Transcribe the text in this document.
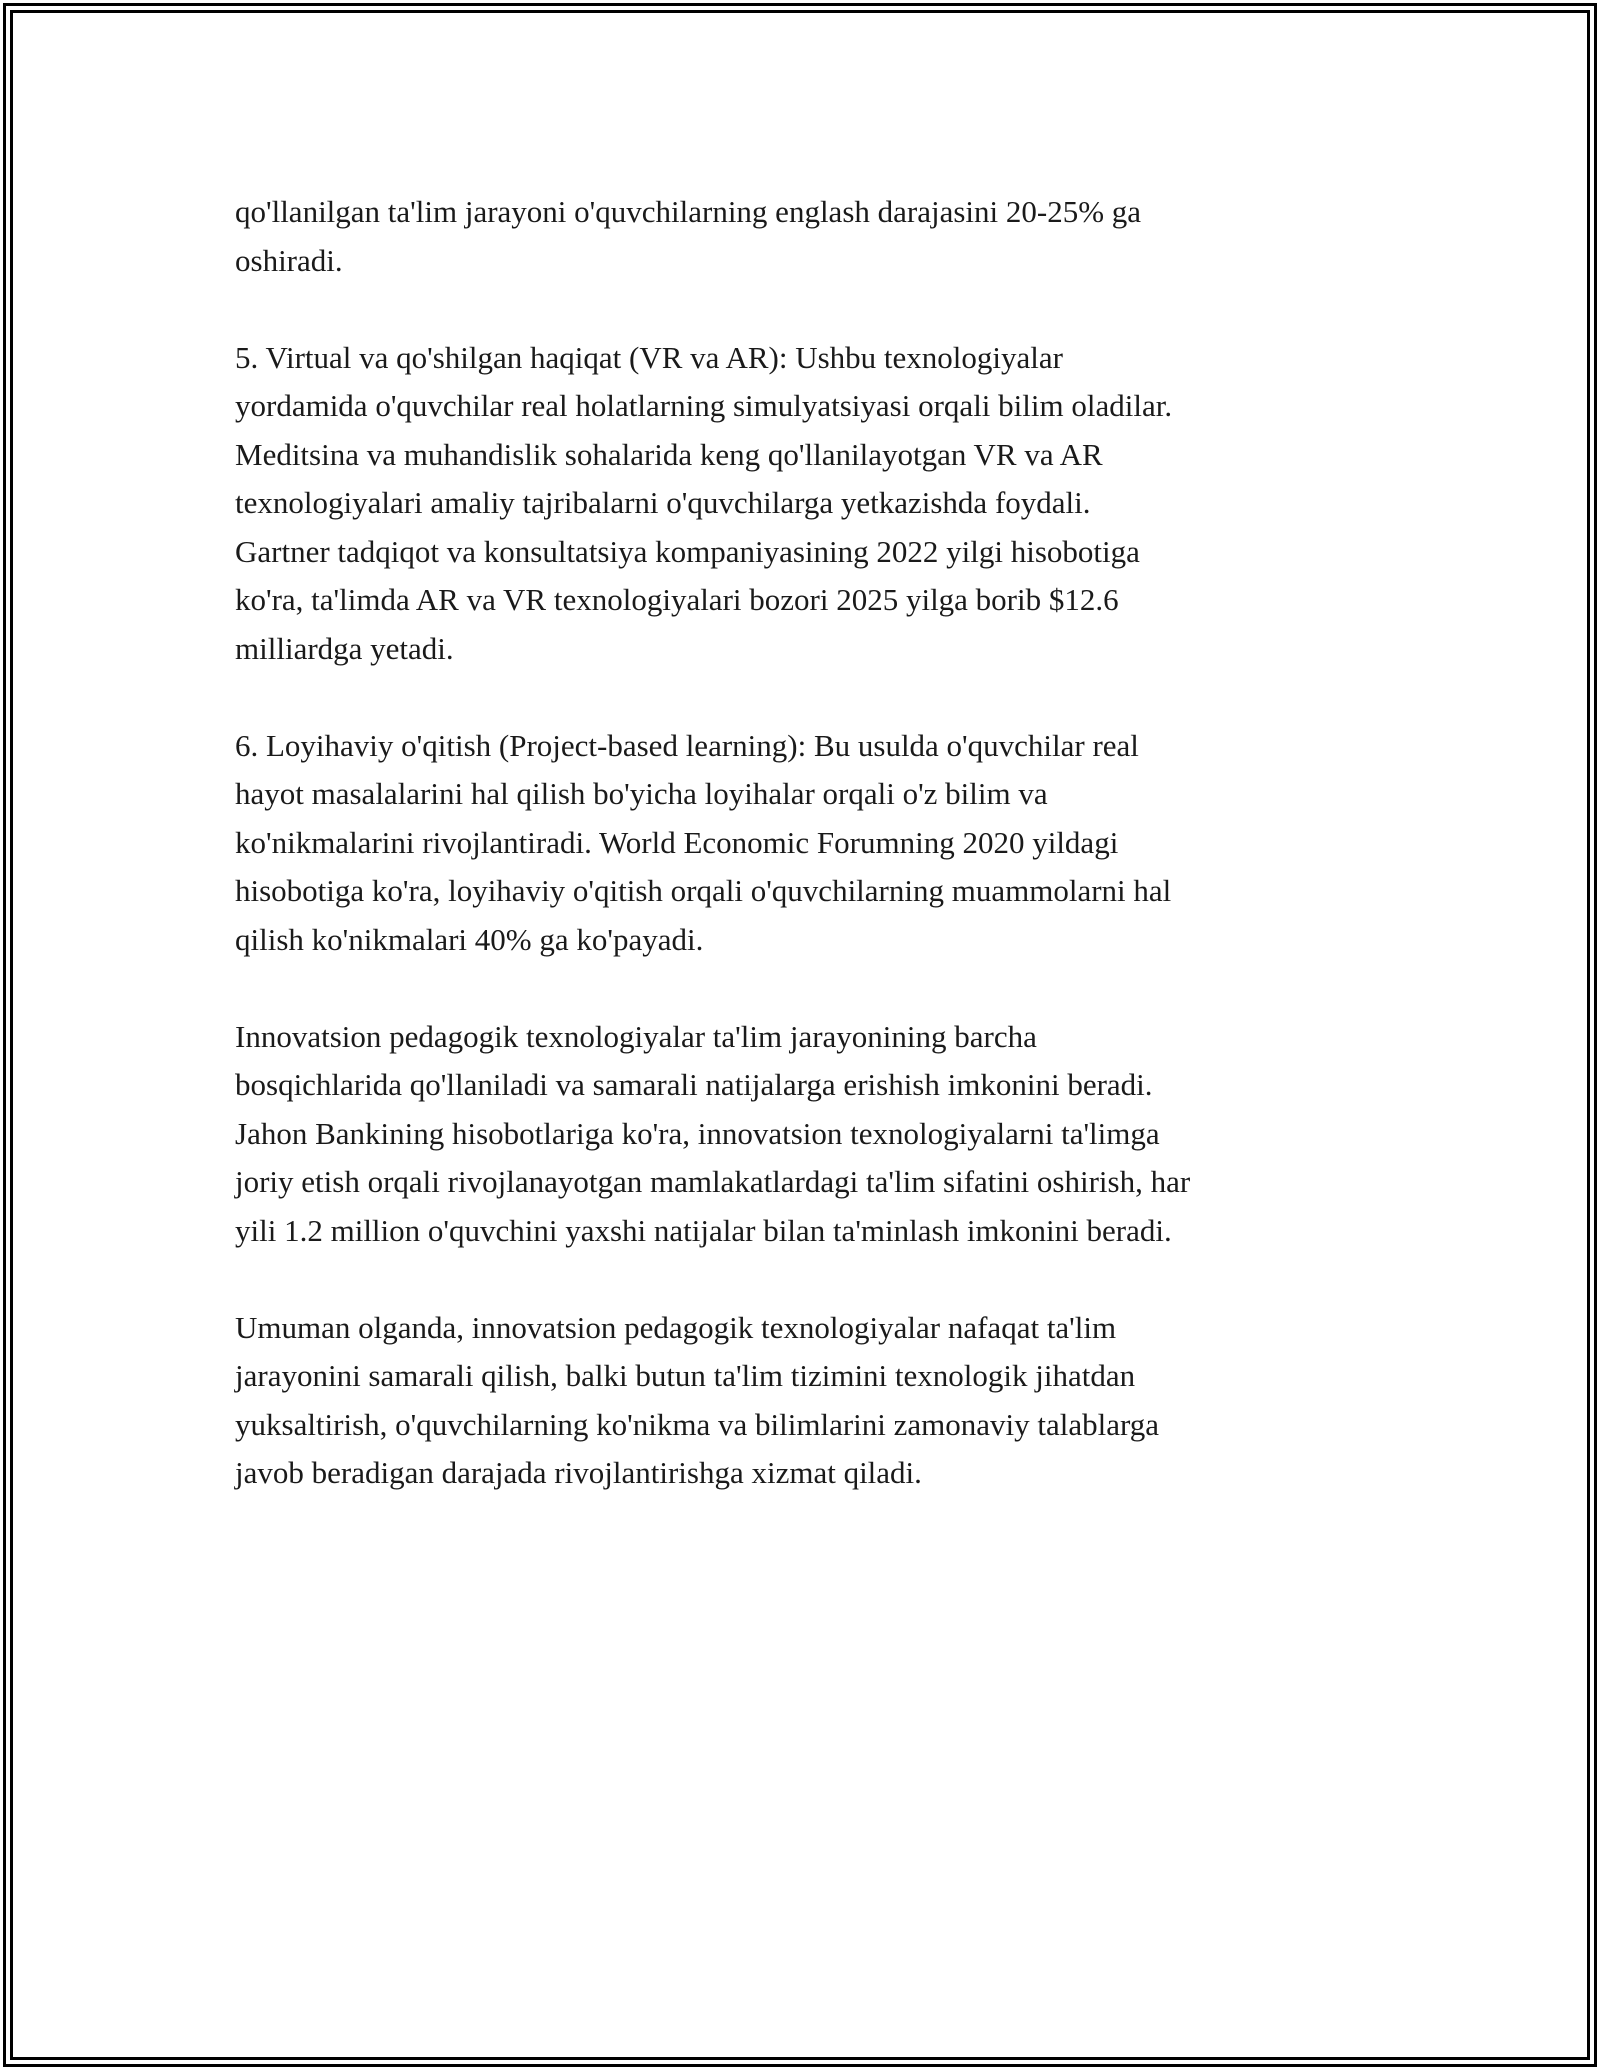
qo'llanilgan ta'lim jarayoni o'quvchilarning englash darajasini 20-25% ga
oshiradi.

5. Virtual va qo'shilgan haqiqat (VR va AR): Ushbu texnologiyalar
yordamida o'quvchilar real holatlarning simulyatsiyasi orqali bilim oladilar.
Meditsina va muhandislik sohalarida keng qo'llanilayotgan VR va AR
texnologiyalari amaliy tajribalarni o'quvchilarga yetkazishda foydali.
Gartner tadqiqot va konsultatsiya kompaniyasining 2022 yilgi hisobotiga
ko'ra, ta'limda AR va VR texnologiyalari bozori 2025 yilga borib $12.6
milliardga yetadi.

6. Loyihaviy o'qitish (Project-based learning): Bu usulda o'quvchilar real
hayot masalalarini hal qilish bo'yicha loyihalar orqali o'z bilim va
ko'nikmalarini rivojlantiradi. World Economic Forumning 2020 yildagi
hisobotiga ko'ra, loyihaviy o'qitish orqali o'quvchilarning muammolarni hal
qilish ko'nikmalari 40% ga ko'payadi.

Innovatsion pedagogik texnologiyalar ta'lim jarayonining barcha
bosqichlarida qo'llaniladi va samarali natijalarga erishish imkonini beradi.
Jahon Bankining hisobotlariga ko'ra, innovatsion texnologiyalarni ta'limga
joriy etish orqali rivojlanayotgan mamlakatlardagi ta'lim sifatini oshirish, har
yili 1.2 million o'quvchini yaxshi natijalar bilan ta'minlash imkonini beradi.

Umuman olganda, innovatsion pedagogik texnologiyalar nafaqat ta'lim
jarayonini samarali qilish, balki butun ta'lim tizimini texnologik jihatdan
yuksaltirish, o'quvchilarning ko'nikma va bilimlarini zamonaviy talablarga
javob beradigan darajada rivojlantirishga xizmat qiladi.
